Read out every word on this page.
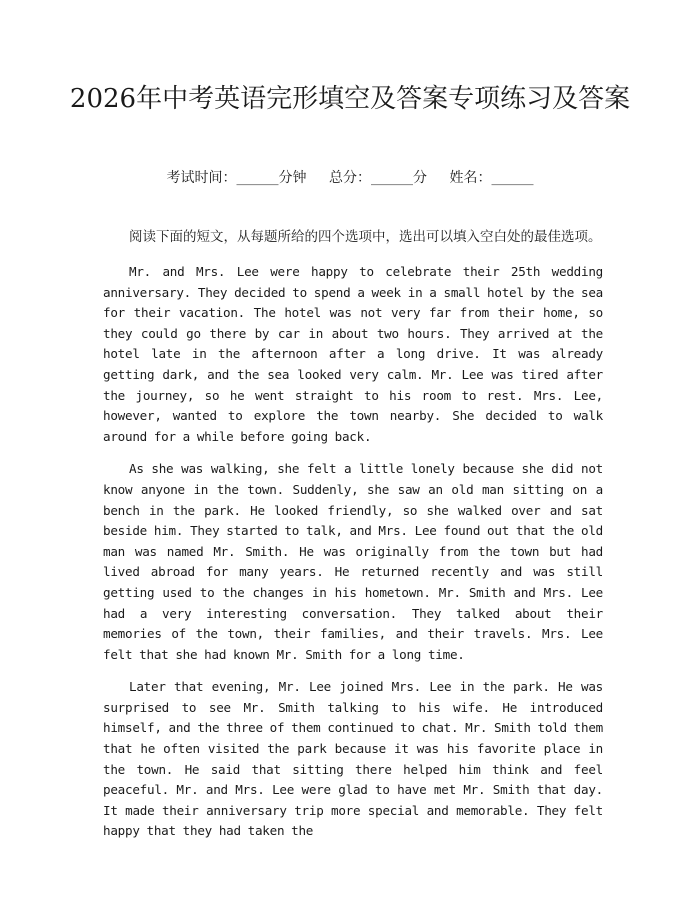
2026年中考英语完形填空及答案专项练习及答案
考试时间：______分钟 总分：______分 姓名：______

阅读下面的短文，从每题所给的四个选项中，选出可以填入空白处的最佳选项。

Mr. and Mrs. Lee were happy to celebrate their 25th wedding anniversary. They decided to spend a week in a small hotel by the sea for their vacation. The hotel was not very far from their home, so they could go there by car in about two hours. They arrived at the hotel late in the afternoon after a long drive. It was already getting dark, and the sea looked very calm. Mr. Lee was tired after the journey, so he went straight to his room to rest. Mrs. Lee, however, wanted to explore the town nearby. She decided to walk around for a while before going back.

As she was walking, she felt a little lonely because she did not know anyone in the town. Suddenly, she saw an old man sitting on a bench in the park. He looked friendly, so she walked over and sat beside him. They started to talk, and Mrs. Lee found out that the old man was named Mr. Smith. He was originally from the town but had lived abroad for many years. He returned recently and was still getting used to the changes in his hometown. Mr. Smith and Mrs. Lee had a very interesting conversation. They talked about their memories of the town, their families, and their travels. Mrs. Lee felt that she had known Mr. Smith for a long time.

Later that evening, Mr. Lee joined Mrs. Lee in the park. He was surprised to see Mr. Smith talking to his wife. He introduced himself, and the three of them continued to chat. Mr. Smith told them that he often visited the park because it was his favorite place in the town. He said that sitting there helped him think and feel peaceful. Mr. and Mrs. Lee were glad to have met Mr. Smith that day. It made their anniversary trip more special and memorable. They felt happy that they had taken the
